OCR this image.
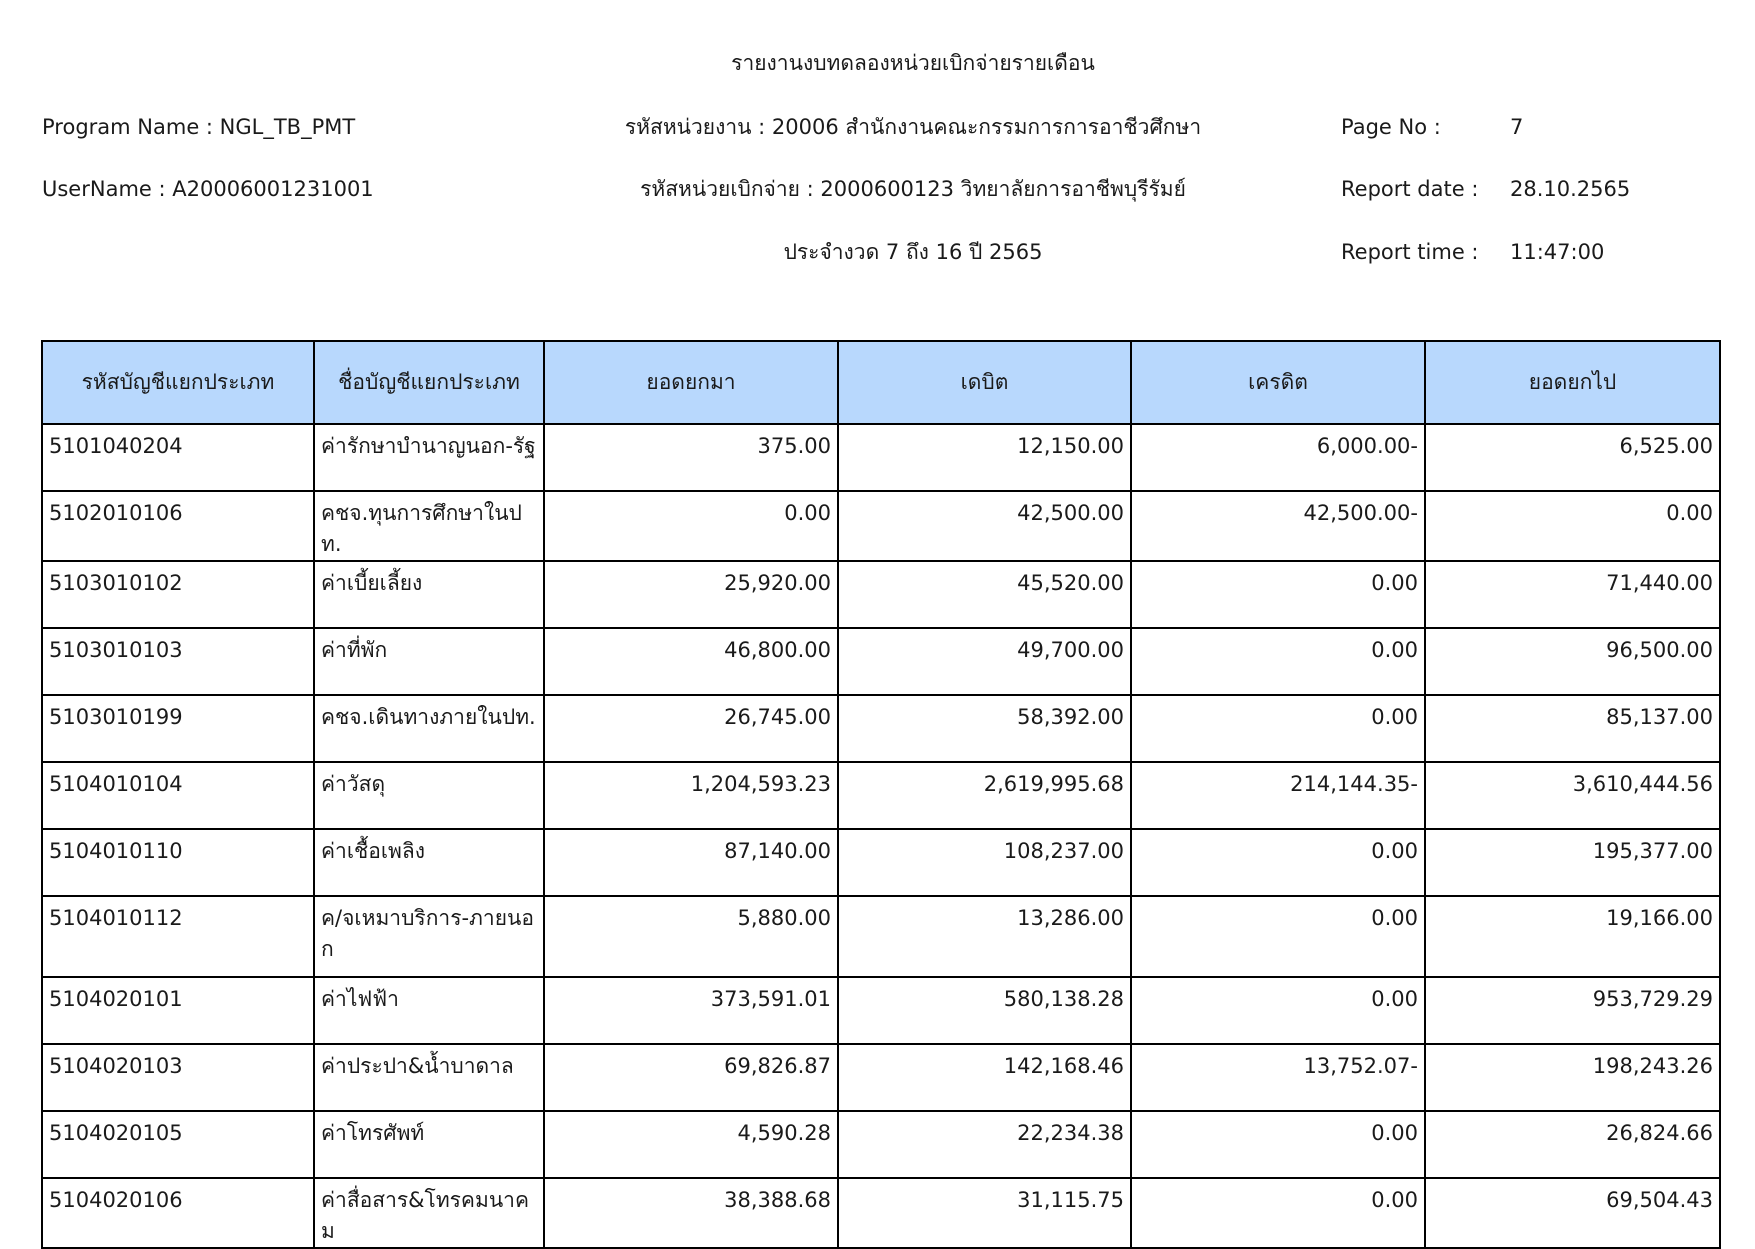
รายงานงบทดลองหน่วยเบิกจ่ายรายเดือน
Program Name : NGL_TB_PMT	รหัสหน่วยงาน : 20006 สำนักงานคณะกรรมการการอาชีวศึกษา	Page No :	7
UserName : A20006001231001	รหัสหน่วยเบิกจ่าย : 2000600123 วิทยาลัยการอาชีพบุรีรัมย์	Report date : 28.10.2565
ประจำงวด 7 ถึง 16 ปี 2565	Report time : 11:47:00
รหัสบัญชีแยกประเภท	ชื่อบัญชีแยกประเภท	ยอดยกมา	เดบิต	เครดิต	ยอดยกไป
5101040204	ค่ารักษาบำนาญนอก-รัฐ	375.00	12,150.00	6,000.00-	6,525.00
5102010106	คชจ.ทุนการศึกษาในปท.	0.00	42,500.00	42,500.00-	0.00
5103010102	ค่าเบี้ยเลี้ยง	25,920.00	45,520.00	0.00	71,440.00
5103010103	ค่าที่พัก	46,800.00	49,700.00	0.00	96,500.00
5103010199	คชจ.เดินทางภายในปท.	26,745.00	58,392.00	0.00	85,137.00
5104010104	ค่าวัสดุ	1,204,593.23	2,619,995.68	214,144.35-	3,610,444.56
5104010110	ค่าเชื้อเพลิง	87,140.00	108,237.00	0.00	195,377.00
5104010112	ค/จเหมาบริการ-ภายนอก	5,880.00	13,286.00	0.00	19,166.00
5104020101	ค่าไฟฟ้า	373,591.01	580,138.28	0.00	953,729.29
5104020103	ค่าประปา&น้ำบาดาล	69,826.87	142,168.46	13,752.07-	198,243.26
5104020105	ค่าโทรศัพท์	4,590.28	22,234.38	0.00	26,824.66
5104020106	ค่าสื่อสาร&โทรคมนาคม	38,388.68	31,115.75	0.00	69,504.43
